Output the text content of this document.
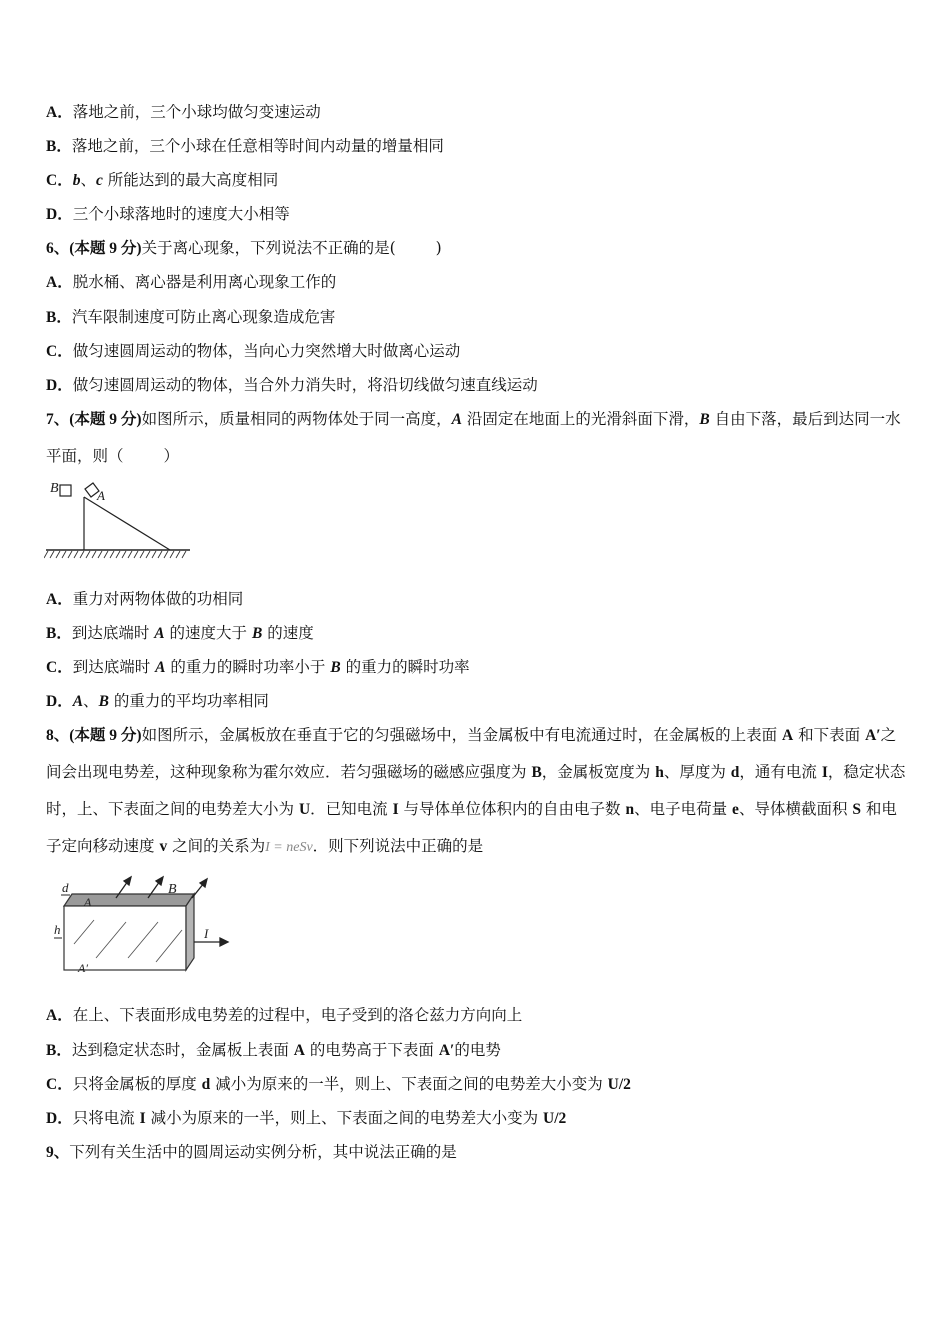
A．落地之前，三个小球均做匀变速运动
B．落地之前，三个小球在任意相等时间内动量的增量相同
C．b、c 所能达到的最大高度相同
D．三个小球落地时的速度大小相等
6、(本题 9 分)关于离心现象，下列说法不正确的是(	)
A．脱水桶、离心器是利用离心现象工作的
B．汽车限制速度可防止离心现象造成危害
C．做匀速圆周运动的物体，当向心力突然增大时做离心运动
D．做匀速圆周运动的物体，当合外力消失时，将沿切线做匀速直线运动
7、(本题 9 分)如图所示，质量相同的两物体处于同一高度，A 沿固定在地面上的光滑斜面下滑，B 自由下落，最后到达同一水平面，则（	）
B	A
A．重力对两物体做的功相同
B．到达底端时 A 的速度大于 B 的速度
C．到达底端时 A 的重力的瞬时功率小于 B 的重力的瞬时功率
D．A、B 的重力的平均功率相同
8、(本题 9 分)如图所示，金属板放在垂直于它的匀强磁场中，当金属板中有电流通过时，在金属板的上表面 A 和下表面 A′之间会出现电势差，这种现象称为霍尔效应．若匀强磁场的磁感应强度为 B，金属板宽度为 h、厚度为 d，通有电流 I，稳定状态时，上、下表面之间的电势差大小为 U．已知电流 I 与导体单位体积内的自由电子数 n、电子电荷量 e、导体横截面积 S 和电子定向移动速度 v 之间的关系为I = neSv．则下列说法中正确的是
d
A
B
h	I
A′
A．在上、下表面形成电势差的过程中，电子受到的洛仑兹力方向向上
B．达到稳定状态时，金属板上表面 A 的电势高于下表面 A′的电势
C．只将金属板的厚度 d 减小为原来的一半，则上、下表面之间的电势差大小变为 U/2
D．只将电流 I 减小为原来的一半，则上、下表面之间的电势差大小变为 U/2
9、下列有关生活中的圆周运动实例分析，其中说法正确的是
